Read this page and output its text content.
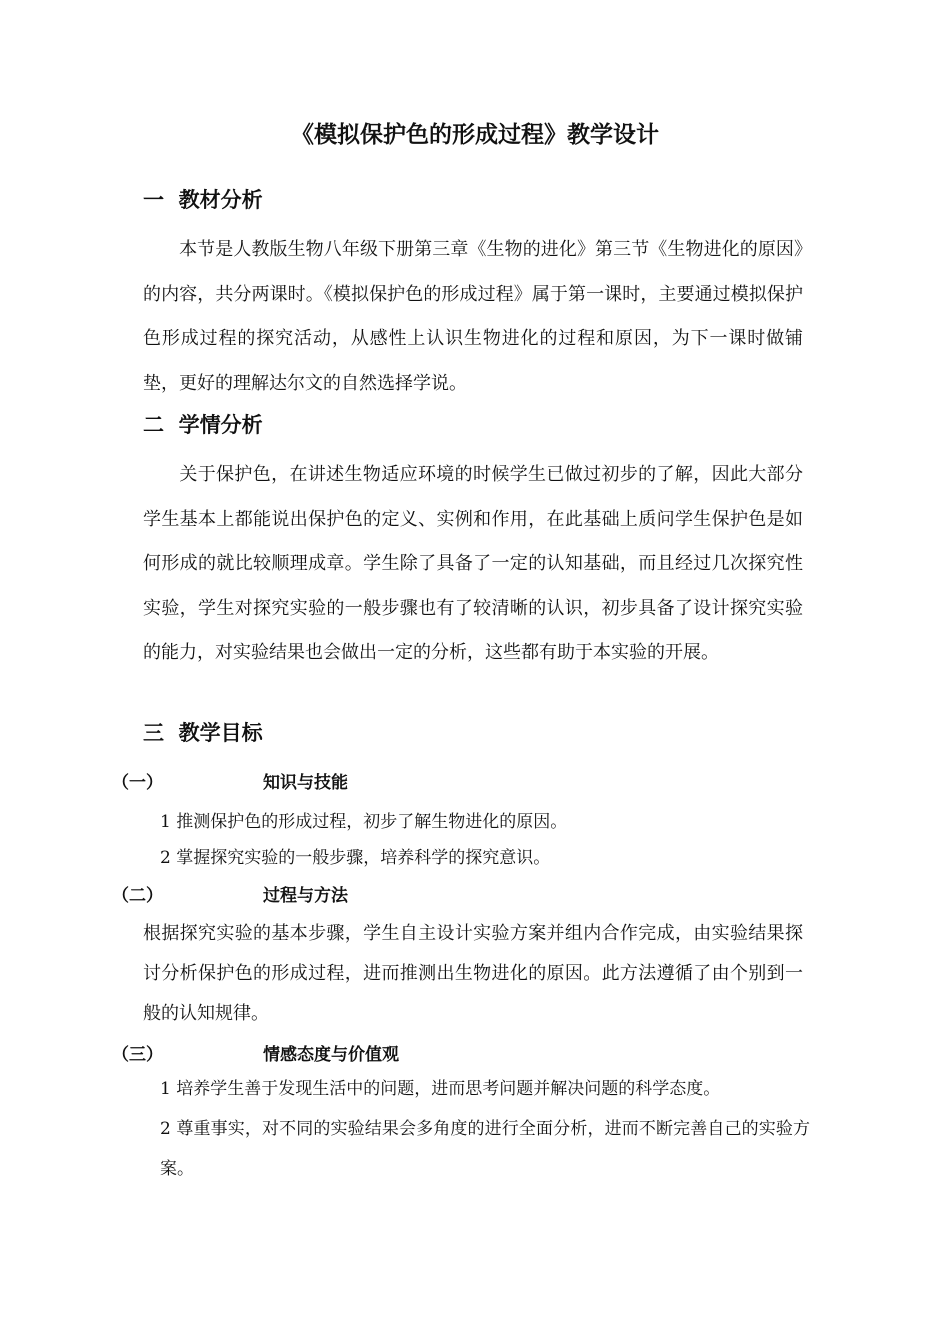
《模拟保护色的形成过程》教学设计
一  教材分析
本节是人教版生物八年级下册第三章《生物的进化》第三节《生物进化的原因》的内容，共分两课时。《模拟保护色的形成过程》属于第一课时，主要通过模拟保护色形成过程的探究活动，从感性上认识生物进化的过程和原因，为下一课时做铺垫，更好的理解达尔文的自然选择学说。
二  学情分析
关于保护色，在讲述生物适应环境的时候学生已做过初步的了解，因此大部分学生基本上都能说出保护色的定义、实例和作用，在此基础上质问学生保护色是如何形成的就比较顺理成章。学生除了具备了一定的认知基础，而且经过几次探究性实验，学生对探究实验的一般步骤也有了较清晰的认识，初步具备了设计探究实验的能力，对实验结果也会做出一定的分析，这些都有助于本实验的开展。
三  教学目标
（一）	知识与技能
1 推测保护色的形成过程，初步了解生物进化的原因。
2 掌握探究实验的一般步骤，培养科学的探究意识。
（二）	过程与方法
根据探究实验的基本步骤，学生自主设计实验方案并组内合作完成，由实验结果探讨分析保护色的形成过程，进而推测出生物进化的原因。此方法遵循了由个别到一般的认知规律。
（三）	情感态度与价值观
1 培养学生善于发现生活中的问题，进而思考问题并解决问题的科学态度。
2 尊重事实，对不同的实验结果会多角度的进行全面分析，进而不断完善自己的实验方案。
